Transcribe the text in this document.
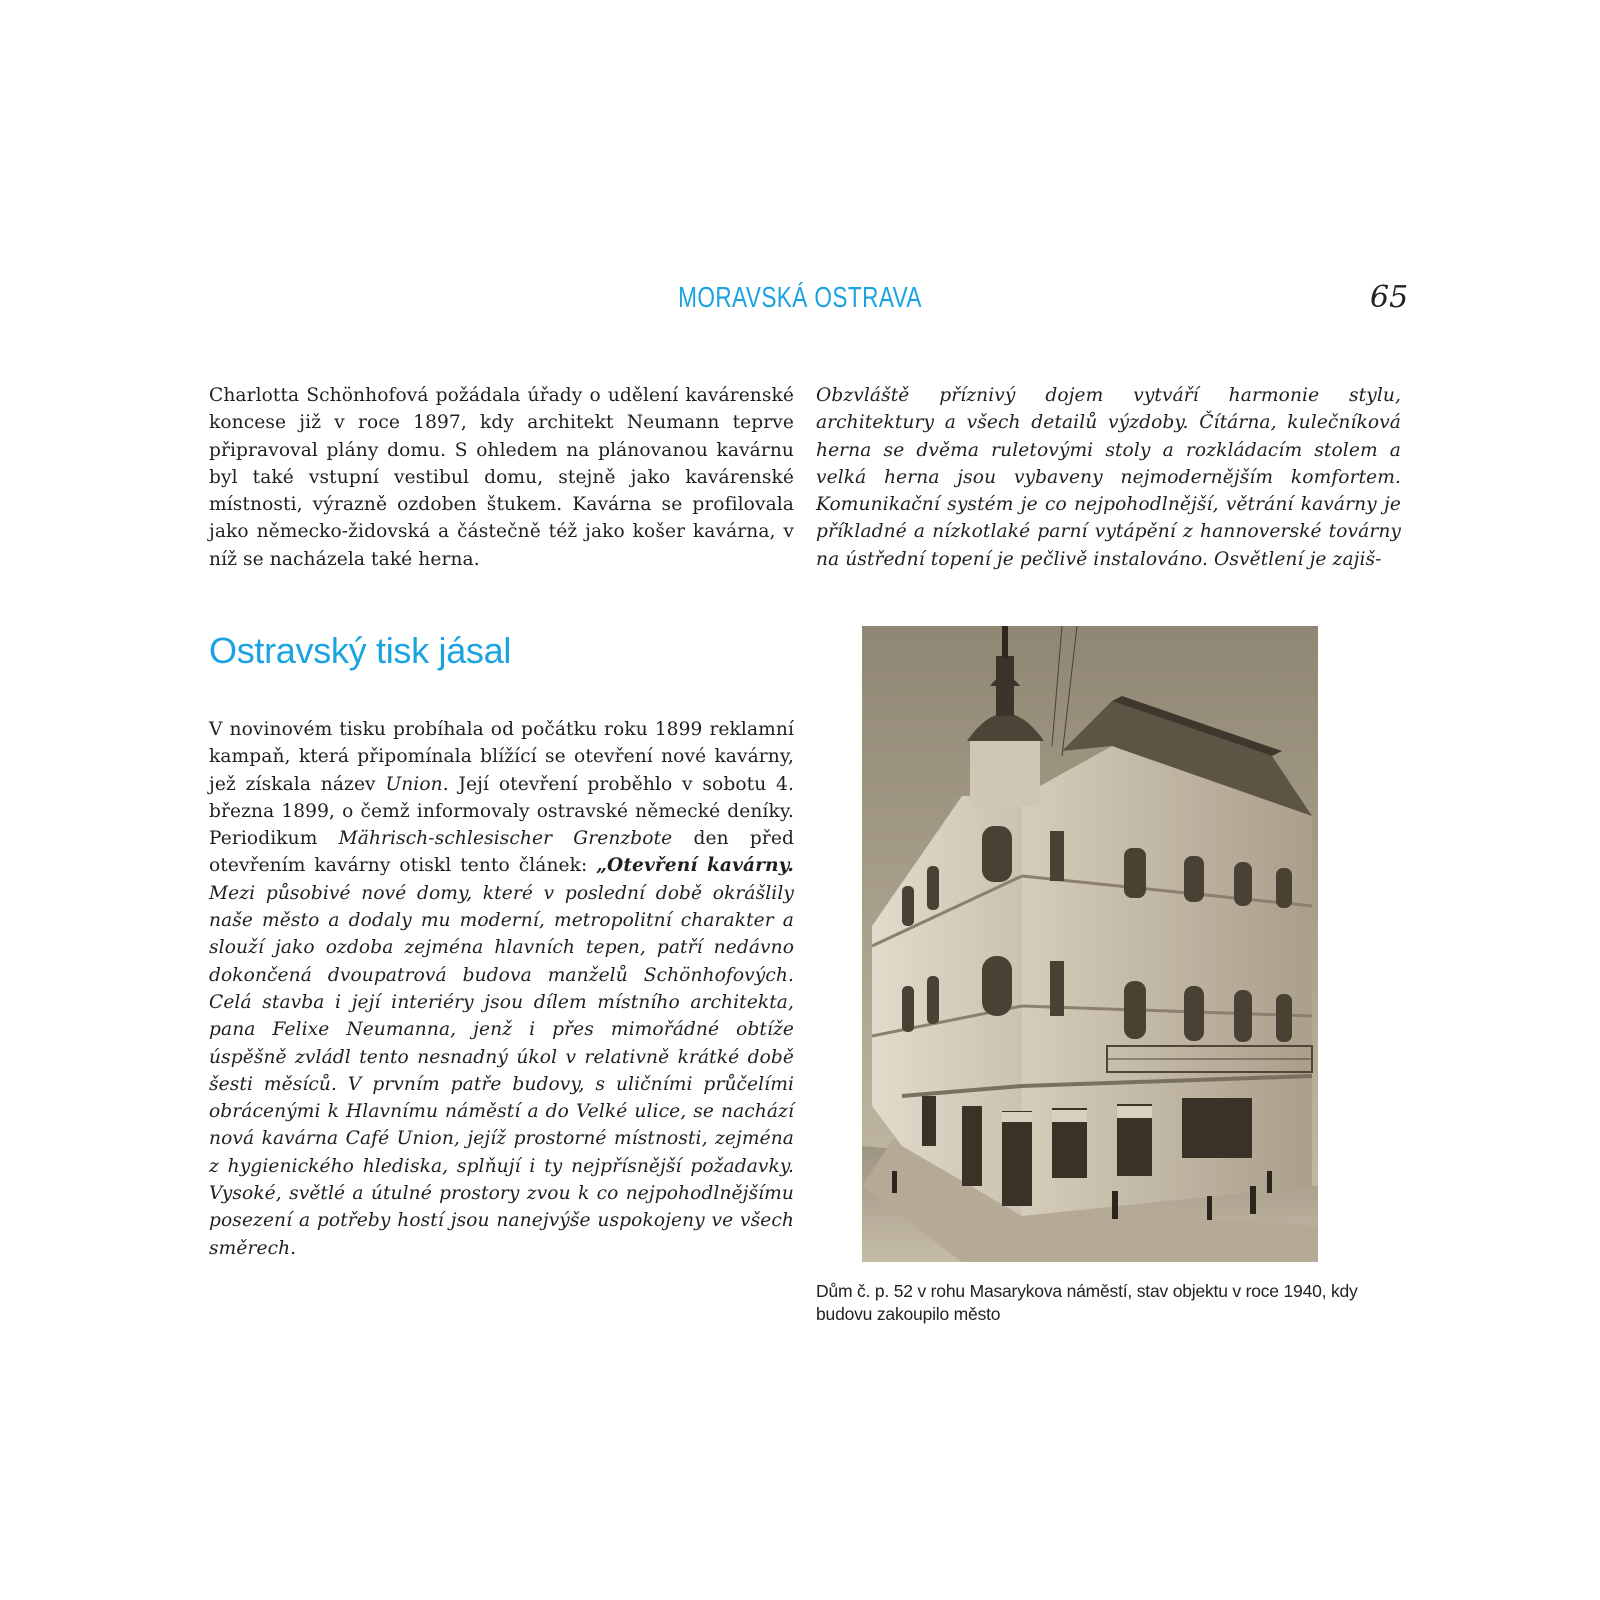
MORAVSKÁ OSTRAVA	65

Charlotta Schönhofová požádala úřady o udělení kavárenské koncese již v roce 1897, kdy architekt Neumann teprve připravoval plány domu. S ohledem na plánovanou kavárnu byl také vstupní vestibul domu, stejně jako kavárenské místnosti, výrazně ozdoben štukem. Kavárna se profilovala jako německo-židovská a částečně též jako košer kavárna, v níž se nacházela také herna.

Obzvláště příznivý dojem vytváří harmonie stylu, architektury a všech detailů výzdoby. Čítárna, kulečníková herna se dvěma ruletovými stoly a rozkládacím stolem a velká herna jsou vybaveny nejmodernějším komfortem. Komunikační systém je co nejpohodlnější, větrání kavárny je příkladné a nízkotlaké parní vytápění z hannoverské továrny na ústřední topení je pečlivě instalováno. Osvětlení je zajiš-

Ostravský tisk jásal

V novinovém tisku probíhala od počátku roku 1899 reklamní kampaň, která připomínala blížící se otevření nové kavárny, jež získala název Union. Její otevření proběhlo v sobotu 4. března 1899, o čemž informovaly ostravské německé deníky. Periodikum Mährisch-schlesischer Grenzbote den před otevřením kavárny otiskl tento článek: „Otevření kavárny. Mezi působivé nové domy, které v poslední době okrášlily naše město a dodaly mu moderní, metropolitní charakter a slouží jako ozdoba zejména hlavních tepen, patří nedávno dokončená dvoupatrová budova manželů Schönhofových. Celá stavba i její interiéry jsou dílem místního architekta, pana Felixe Neumanna, jenž i přes mimořádné obtíže úspěšně zvládl tento nesnadný úkol v relativně krátké době šesti měsíců. V prvním patře budovy, s uličními průčelími obrácenými k Hlavnímu náměstí a do Velké ulice, se nachází nová kavárna Café Union, jejíž prostorné místnosti, zejména z hygienického hlediska, splňují i ty nejpřísnější požadavky. Vysoké, světlé a útulné prostory zvou k co nejpohodlnějšímu posezení a potřeby hostí jsou nanejvýše uspokojeny ve všech směrech.

Dům č. p. 52 v rohu Masarykova náměstí, stav objektu v roce 1940, kdy budovu zakoupilo město
